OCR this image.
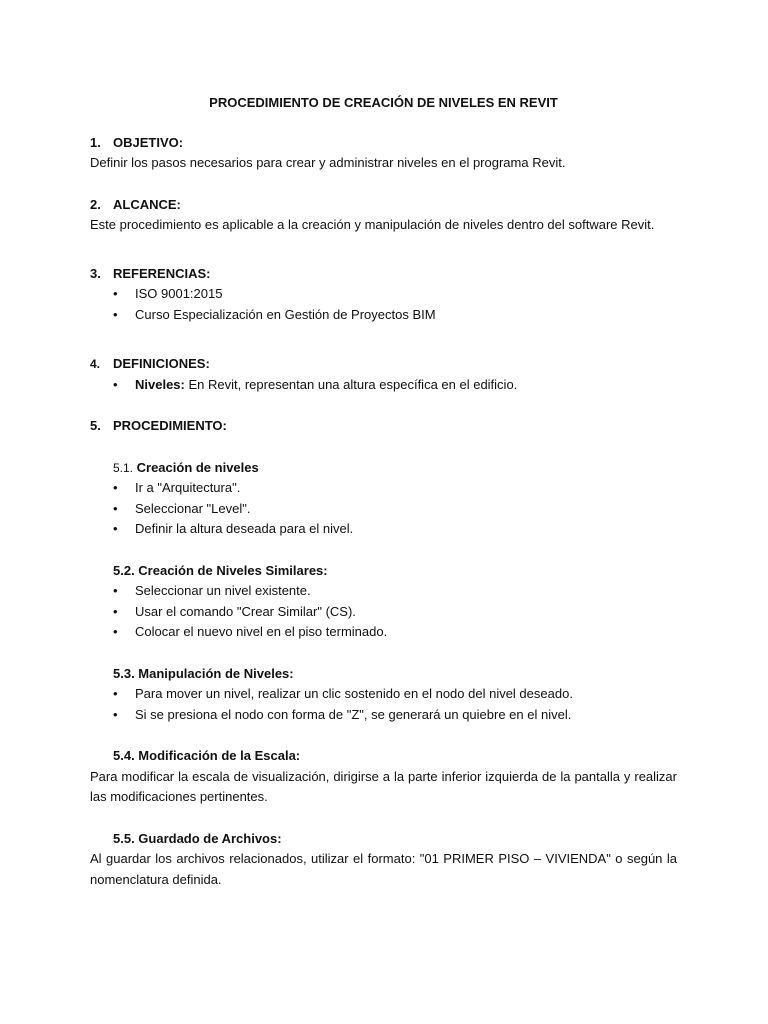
PROCEDIMIENTO DE CREACIÓN DE NIVELES EN REVIT
1. OBJETIVO:

Definir los pasos necesarios para crear y administrar niveles en el programa Revit.

2. ALCANCE:

Este procedimiento es aplicable a la creación y manipulación de niveles dentro del software Revit.

3. REFERENCIAS:
• ISO 9001:2015
• Curso Especialización en Gestión de Proyectos BIM
4. DEFINICIONES:
• Niveles: En Revit, representan una altura específica en el edificio.
5. PROCEDIMIENTO:
5.1. Creación de niveles
• Ir a "Arquitectura".
• Seleccionar "Level".
• Definir la altura deseada para el nivel.
5.2. Creación de Niveles Similares:
• Seleccionar un nivel existente.
• Usar el comando "Crear Similar" (CS).
• Colocar el nuevo nivel en el piso terminado.
5.3. Manipulación de Niveles:
• Para mover un nivel, realizar un clic sostenido en el nodo del nivel deseado.
• Si se presiona el nodo con forma de "Z", se generará un quiebre en el nivel.
5.4. Modificación de la Escala:

Para modificar la escala de visualización, dirigirse a la parte inferior izquierda de la pantalla y realizar las modificaciones pertinentes.

5.5. Guardado de Archivos:

Al guardar los archivos relacionados, utilizar el formato: "01 PRIMER PISO – VIVIENDA" o según la nomenclatura definida.
